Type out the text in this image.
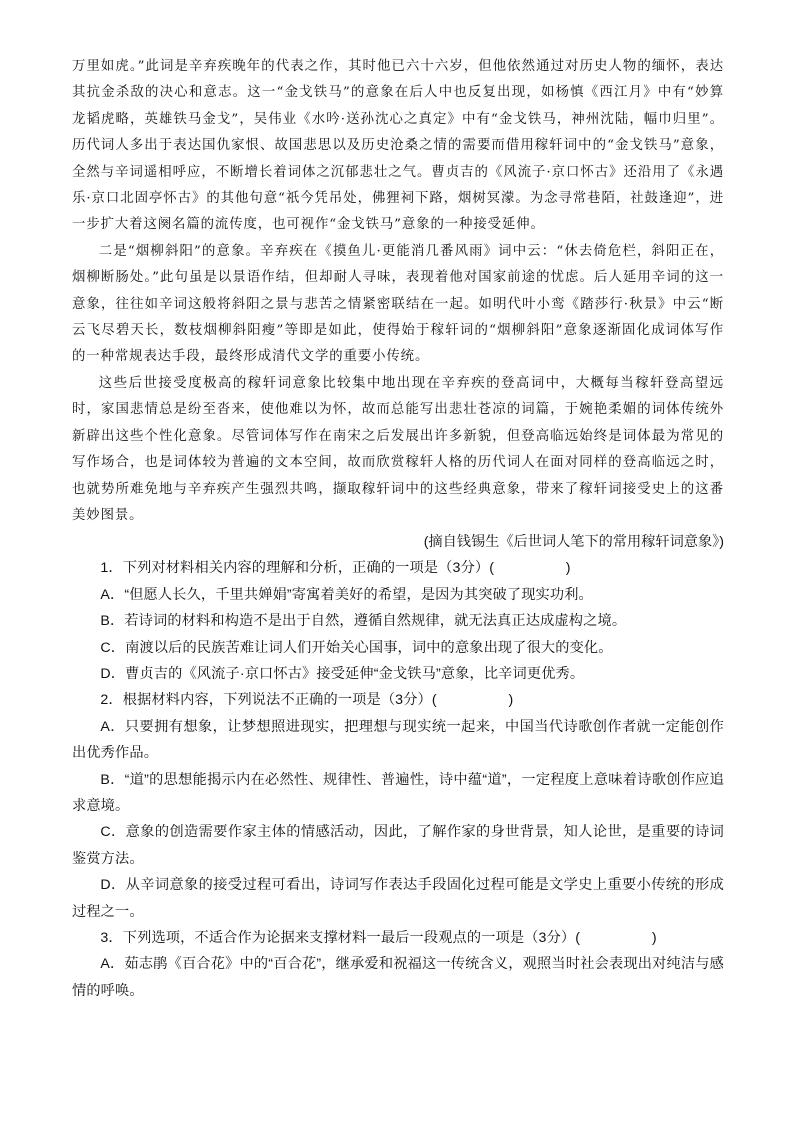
万里如虎。”此词是辛弃疾晚年的代表之作，其时他已六十六岁，但他依然通过对历史人物的缅怀，表达其抗金杀敌的决心和意志。这一“金戈铁马”的意象在后人中也反复出现，如杨慎《西江月》中有“妙算龙韬虎略，英雄铁马金戈”，吴伟业《水吟·送孙沈心之真定》中有“金戈铁马，神州沈陆，幅巾归里”。历代词人多出于表达国仇家恨、故国悲思以及历史沧桑之情的需要而借用稼轩词中的“金戈铁马”意象，全然与辛词遥相呼应，不断增长着词体之沉郁悲壮之气。曹贞吉的《风流子·京口怀古》还沿用了《永遇乐·京口北固亭怀古》的其他句意“祇今凭吊处，佛狸祠下路，烟树冥濛。为念寻常巷陌，社鼓逢迎”，进一步扩大着这阕名篇的流传度，也可视作“金戈铁马”意象的一种接受延伸。

二是“烟柳斜阳”的意象。辛弃疾在《摸鱼儿·更能消几番风雨》词中云：“休去倚危栏，斜阳正在，烟柳断肠处。”此句虽是以景语作结，但却耐人寻味，表现着他对国家前途的忧虑。后人延用辛词的这一意象，往往如辛词这般将斜阳之景与悲苦之情紧密联结在一起。如明代叶小鸾《踏莎行·秋景》中云“断云飞尽碧天长，数枝烟柳斜阳瘦”等即是如此，使得始于稼轩词的“烟柳斜阳”意象逐渐固化成词体写作的一种常规表达手段，最终形成清代文学的重要小传统。

这些后世接受度极高的稼轩词意象比较集中地出现在辛弃疾的登高词中，大概每当稼轩登高望远时，家国悲情总是纷至沓来，使他难以为怀，故而总能写出悲壮苍凉的词篇，于婉艳柔媚的词体传统外新辟出这些个性化意象。尽管词体写作在南宋之后发展出许多新貌，但登高临远始终是词体最为常见的写作场合，也是词体较为普遍的文本空间，故而欣赏稼轩人格的历代词人在面对同样的登高临远之时，也就势所难免地与辛弃疾产生强烈共鸣，撷取稼轩词中的这些经典意象，带来了稼轩词接受史上的这番美妙图景。

(摘自钱锡生《后世词人笔下的常用稼轩词意象》)

1．下列对材料相关内容的理解和分析，正确的一项是（3分）(　　　　　)

A．“但愿人长久，千里共婵娟”寄寓着美好的希望，是因为其突破了现实功利。

B．若诗词的材料和构造不是出于自然，遵循自然规律，就无法真正达成虚构之境。

C．南渡以后的民族苦难让词人们开始关心国事，词中的意象出现了很大的变化。

D．曹贞吉的《风流子·京口怀古》接受延伸“金戈铁马”意象，比辛词更优秀。

2．根据材料内容，下列说法不正确的一项是（3分）(　　　　　)

A．只要拥有想象，让梦想照进现实，把理想与现实统一起来，中国当代诗歌创作者就一定能创作出优秀作品。

B．“道”的思想能揭示内在必然性、规律性、普遍性，诗中蕴“道”，一定程度上意味着诗歌创作应追求意境。

C．意象的创造需要作家主体的情感活动，因此，了解作家的身世背景，知人论世，是重要的诗词鉴赏方法。

D．从辛词意象的接受过程可看出，诗词写作表达手段固化过程可能是文学史上重要小传统的形成过程之一。

3．下列选项，不适合作为论据来支撑材料一最后一段观点的一项是（3分）(　　　　　)

A．茹志鹃《百合花》中的“百合花”，继承爱和祝福这一传统含义，观照当时社会表现出对纯洁与感情的呼唤。
